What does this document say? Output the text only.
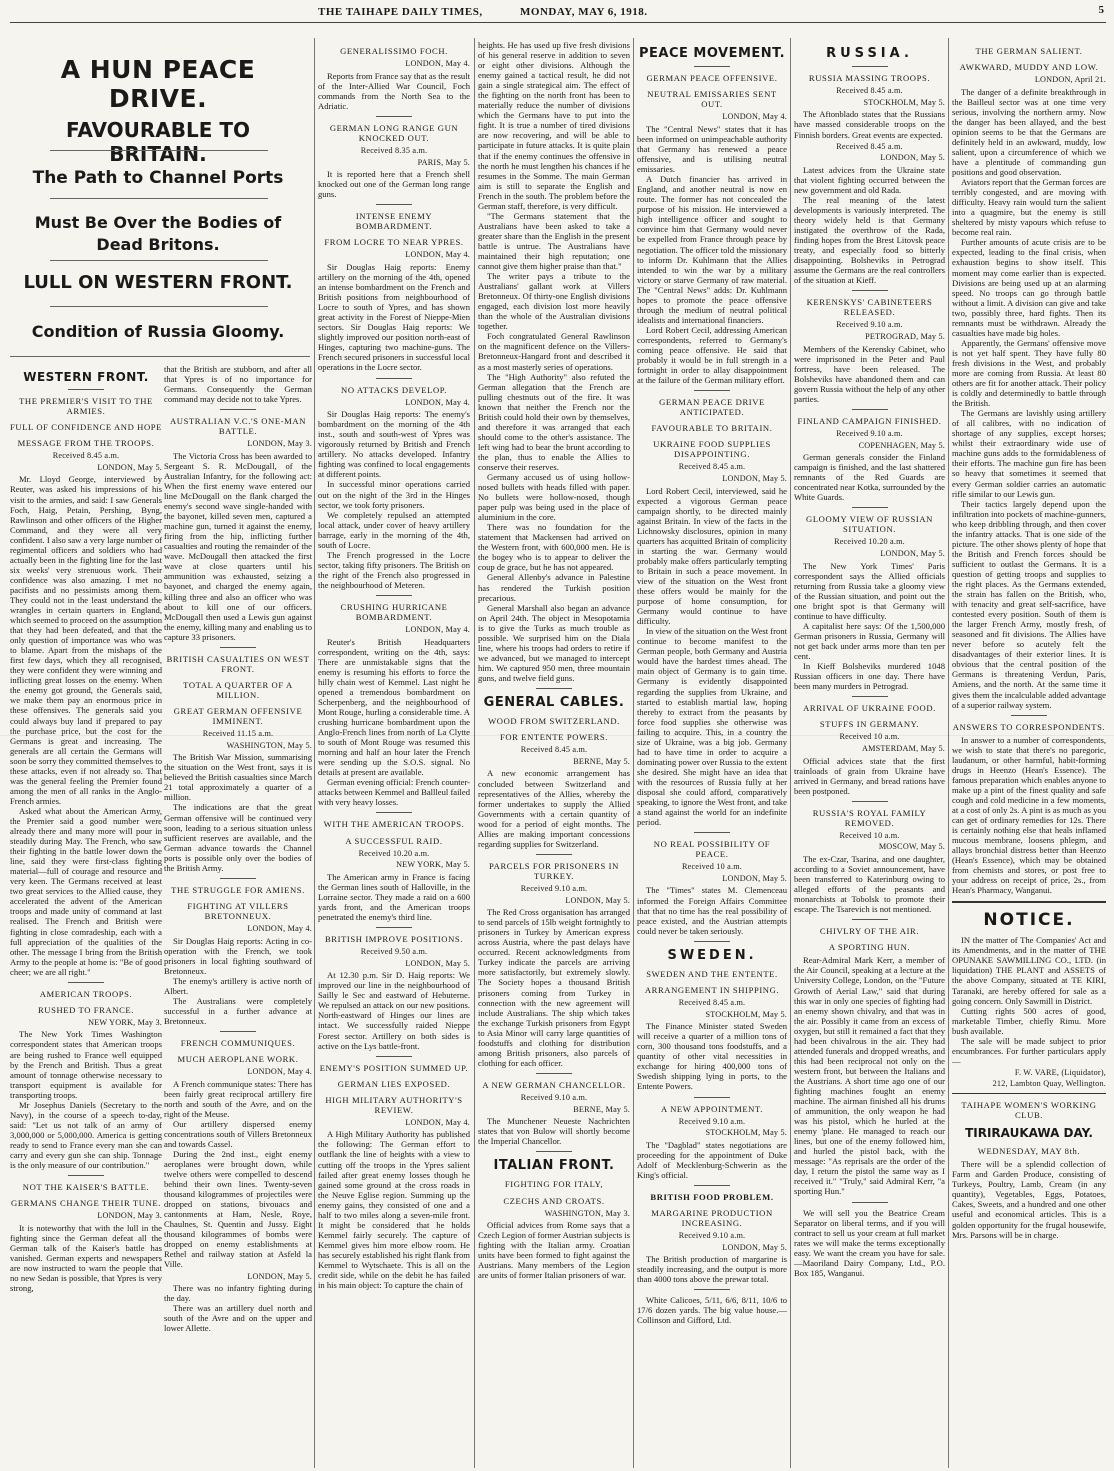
THE TAIHAPE DAILY TIMES,	MONDAY, MAY 6, 1918.	5
A HUN PEACE DRIVE.
FAVOURABLE TO BRITAIN.
The Path to Channel Ports
Must Be Over the Bodies of Dead Britons.
LULL ON WESTERN FRONT.
Condition of Russia Gloomy.
WESTERN FRONT.
THE PREMIER'S VISIT TO THE ARMIES.
FULL OF CONFIDENCE AND HOPE
MESSAGE FROM THE TROOPS.
Received 8.45 a.m.
LONDON, May 5.

Mr. Lloyd George, interviewed by Reuter, was asked his impressions of his visit to the armies, and said: I saw Generals Foch, Haig, Petain, Pershing, Byng, Rawlinson and other officers of the Higher Command, and they were all very confident. I also saw a very large number of regimental officers and soldiers who had actually been in the fighting line for the last six weeks' very strenuous work. Their confidence was also amazing. I met no pacifists and no pessimists among them. They could not in the least understand the wrangles in certain quarters in England, which seemed to proceed on the assumption that they had been defeated, and that the only question of importance was who was to blame. Apart from the mishaps of the first few days, which they all recognised, they were confident they were winning and inflicting great losses on the enemy. When the enemy got ground, the Generals said, we make them pay an enormous price in these offensives. The generals said you could always buy land if prepared to pay the purchase price, but the cost for the Germans is great and increasing. The generals are all certain the Germans will soon be sorry they committed themselves to these attacks, even if not already so. That was the general feeling the Premier found among the men of all ranks in the Anglo-French armies.

Asked what about the American Army, the Premier said a good number were already there and many more will pour in steadily during May. The French, who saw their fighting in the battle lower down the line, said they were first-class fighting material—full of courage and resource and very keen. The Germans received at least two great services to the Allied cause, they accelerated the advent of the American troops and made unity of command at last realised. The French and British were fighting in close comradeship, each with a full appreciation of the qualities of the other. The message I bring from the British Army to the people at home is: "Be of good cheer; we are all right."

AMERICAN TROOPS.
RUSHED TO FRANCE.
NEW YORK, May 3.

The New York Times Washington correspondent states that American troops are being rushed to France well equipped by the French and British. Thus a great amount of tonnage otherwise necessary to transport equipment is available for transporting troops.

Mr Josephus Daniels (Secretary to the Navy), in the course of a speech to-day, said: "Let us not talk of an army of 3,000,000 or 5,000,000. America is getting ready to send to France every man she can carry and every gun she can ship. Tonnage is the only measure of our contribution."

NOT THE KAISER'S BATTLE.
GERMANS CHANGE THEIR TUNE.
LONDON, May 3.

It is noteworthy that with the lull in the fighting since the German defeat all the German talk of the Kaiser's battle has vanished. German experts and newspapers are now instructed to warn the people that no new Sedan is possible, that Ypres is very strong,

that the British are stubborn, and after all that Ypres is of no importance for Germans. Consequently the German command may decide not to take Ypres.

AUSTRALIAN V.C.'S ONE-MAN BATTLE.
LONDON, May 3.

The Victoria Cross has been awarded to Sergeant S. R. McDougall, of the Australian Infantry, for the following act: When the first enemy wave entered our line McDougall on the flank charged the enemy's second wave single-handed with the bayonet, killed seven men, captured a machine gun, turned it against the enemy, firing from the hip, inflicting further casualties and routing the remainder of the wave. McDougall then attacked the first wave at close quarters until his ammunition was exhausted, seizing a bayonet, and charged the enemy again, killing three and also an officer who was about to kill one of our officers. McDougall then used a Lewis gun against the enemy, killing many and enabling us to capture 33 prisoners.

BRITISH CASUALTIES ON WEST FRONT.
TOTAL A QUARTER OF A MILLION.
GREAT GERMAN OFFENSIVE IMMINENT.
Received 11.15 a.m.
WASHINGTON, May 5.

The British War Mission, summarising the situation on the West front, says it is believed the British casualties since March 21 total approximately a quarter of a million.

The indications are that the great German offensive will be continued very soon, leading to a serious situation unless sufficient reserves are available, and the German advance towards the Channel ports is possible only over the bodies of the British Army.

THE STRUGGLE FOR AMIENS.
FIGHTING AT VILLERS BRETONNEUX.
LONDON, May 4.

Sir Douglas Haig reports: Acting in co-operation with the French, we took prisoners in local fighting southward of Bretonneux.

The enemy's artillery is active north of Albert.

The Australians were completely successful in a further advance at Bretonneux.

FRENCH COMMUNIQUES.
MUCH AEROPLANE WORK.
LONDON, May 4.

A French communique states: There has been fairly great reciprocal artillery fire north and south of the Avre, and on the right of the Meuse.

Our artillery dispersed enemy concentrations south of Villers Bretonneux and towards Cassel.

During the 2nd inst., eight enemy aeroplanes were brought down, while twelve others were compelled to descend behind their own lines. Twenty-seven thousand kilogrammes of projectiles were dropped on stations, bivouacs and cantonments at Ham, Nesle, Roye, Chaulnes, St. Quentin and Jussy. Eight thousand kilogrammes of bombs were dropped on enemy establishments at Rethel and railway station at Asfeld la Ville.

LONDON, May 5.

There was no infantry fighting during the day.

There was an artillery duel north and south of the Avre and on the upper and lower Allette.

GENERALISSIMO FOCH.
LONDON, May 4.

Reports from France say that as the result of the Inter-Allied War Council, Foch commands from the North Sea to the Adriatic.

GERMAN LONG RANGE GUN KNOCKED OUT.
Received 8.35 a.m.
PARIS, May 5.

It is reported here that a French shell knocked out one of the German long range guns.

INTENSE ENEMY BOMBARDMENT.
FROM LOCRE TO NEAR YPRES.
LONDON, May 4.

Sir Douglas Haig reports: Enemy artillery on the morning of the 4th, opened an intense bombardment on the French and British positions from neighbourhood of Locre to south of Ypres, and has shown great activity in the Forest of Nieppe-Mien sectors. Sir Douglas Haig reports: We slightly improved our position north-east of Hinges, capturing two machine-guns. The French secured prisoners in successful local operations in the Locre sector.

NO ATTACKS DEVELOP.
LONDON, May 4.

Sir Douglas Haig reports: The enemy's bombardment on the morning of the 4th inst., south and south-west of Ypres was vigorously returned by British and French artillery. No attacks developed. Infantry fighting was confined to local engagements at different points.

In successful minor operations carried out on the night of the 3rd in the Hinges sector, we took forty prisoners.

We completely repulsed an attempted local attack, under cover of heavy artillery barrage, early in the morning of the 4th, south of Locre.

The French progressed in the Locre sector, taking fifty prisoners. The British on the right of the French also progressed in the neighbourhood of Meteren.

CRUSHING HURRICANE BOMBARDMENT.
LONDON, May 4.

Reuter's British Headquarters correspondent, writing on the 4th, says: There are unmistakable signs that the enemy is resuming his efforts to force the hilly chain west of Kemmel. Last night he opened a tremendous bombardment on Scherpenberg, and the neighbourhood of Mont Rouge, hurling a considerable time. A crushing hurricane bombardment upon the Anglo-French lines from north of La Clytte to south of Mont Rouge was resumed this morning and half an hour later the French were sending up the S.O.S. signal. No details at present are available.

German evening official: French counter-attacks between Kemmel and Ballleul failed with very heavy losses.

WITH THE AMERICAN TROOPS.
A SUCCESSFUL RAID.
Received 10.20 a.m.
NEW YORK, May 5.

The American army in France is facing the German lines south of Halloville, in the Lorraine sector. They made a raid on a 600 yards front, and the American troops penetrated the enemy's third line.

BRITISH IMPROVE POSITIONS.
Received 9.50 a.m.
LONDON, May 5.

At 12.30 p.m. Sir D. Haig reports: We improved our line in the neighbourhood of Sailly le Sec and eastward of Hebuterne. We repulsed an attack on our new positions. North-eastward of Hinges our lines are intact. We successfully raided Nieppe Forest sector. Artillery on both sides is active on the Lys battle-front.

ENEMY'S POSITION SUMMED UP.
GERMAN LIES EXPOSED.
HIGH MILITARY AUTHORITY'S REVIEW.
LONDON, May 4.

A High Military Authority has published the following: The German effort to outflank the line of heights with a view to cutting off the troops in the Ypres salient failed after great enemy losses though he gained some ground at the cross roads in the Neuve Eglise region. Summing up the enemy gains, they consisted of one and a half to two miles along a seven-mile front. It might be considered that he holds Kemmel fairly securely. The capture of Kemmel gives him more elbow room. He has securely established his right flank from Kemmel to Wytschaete. This is all on the credit side, while on the debit he has failed in his main object: To capture the chain of

heights. He has used up five fresh divisions of his general reserve in addition to seven or eight other divisions. Although the enemy gained a tactical result, he did not gain a single strategical aim. The effect of the fighting on the north front has been to materially reduce the number of divisions which the Germans have to put into the fight. It is true a number of tired divisions are now recovering, and will be able to participate in future attacks. It is quite plain that if the enemy continues the offensive in the north he must lengthen his chances if he resumes in the Somme. The main German aim is still to separate the English and French in the south. The problem before the German staff, therefore, is very difficult.

"The Germans statement that the Australians have been asked to take a greater share than the English in the present battle is untrue. The Australians have maintained their high reputation; one cannot give them higher praise than that."

The writer pays a tribute to the Australians' gallant work at Villers Bretonneux. Of thirty-one English divisions engaged, each division lost more heavily than the whole of the Australian divisions together.

Foch congratulated General Rawlinson on the magnificent defence on the Villers-Bretonneux-Hangard front and described it as a most masterly series of operations.

The "High Authority" also refuted the German allegation that the French are pulling chestnuts out of the fire. It was known that neither the French nor the British could hold their own by themselves, and therefore it was arranged that each should come to the other's assistance. The left wing had to bear the brunt according to the plan, thus to enable the Allies to conserve their reserves.

Germany accused us of using hollow-nosed bullets with heads filled with paper. No bullets were hollow-nosed, though paper pulp was being used in the place of aluminium in the core.

There was no foundation for the statement that Mackensen had arrived on the Western front, with 600,000 men. He is the bogey who is to appear to deliver the coup de grace, but he has not appeared.

General Allenby's advance in Palestine has rendered the Turkish position precarious.

General Marshall also began an advance on April 24th. The object in Mesopotamia is to give the Turks as much trouble as possible. We surprised him on the Diala line, where his troops had orders to retire if we advanced, but we managed to intercept him. We captured 950 men, three mountain guns, and twelve field guns.

GENERAL CABLES.
WOOD FROM SWITZERLAND.
FOR ENTENTE POWERS.
Received 8.45 a.m.
BERNE, May 5.

A new economic arrangement has concluded between Switzerland and representatives of the Allies, whereby the former undertakes to supply the Allied Governments with a certain quantity of wood for a period of eight months. The Allies are making important concessions regarding supplies for Switzerland.

PARCELS FOR PRISONERS IN TURKEY.
Received 9.10 a.m.
LONDON, May 5.

The Red Cross organisation has arranged to send parcels of 15lb weight fortnightly to prisoners in Turkey by American express across Austria, where the past delays have occurred. Recent acknowledgments from Turkey indicate the parcels are arriving more satisfactorily, but extremely slowly. The Society hopes a thousand British prisoners coming from Turkey in connection with the new agreement will include Australians. The ship which takes the exchange Turkish prisoners from Egypt to Asia Minor will carry large quantities of foodstuffs and clothing for distribution among British prisoners, also parcels of clothing for each officer.

A NEW GERMAN CHANCELLOR.
Received 9.10 a.m.
BERNE, May 5.

The Munchener Neueste Nachrichten states that von Bulow will shortly become the Imperial Chancellor.

ITALIAN FRONT.
FIGHTING FOR ITALY,
CZECHS AND CROATS.
WASHINGTON, May 3.

Official advices from Rome says that a Czech Legion of former Austrian subjects is fighting with the Italian army. Croatian units have been formed to fight against the Austrians. Many members of the Legion are units of former Italian prisoners of war.

PEACE MOVEMENT.
GERMAN PEACE OFFENSIVE.
NEUTRAL EMISSARIES SENT OUT.
LONDON, May 4.

The "Central News" states that it has been informed on unimpeachable authority that Germany has renewed a peace offensive, and is utilising neutral emissaries.

A Dutch financier has arrived in England, and another neutral is now en route. The former has not concealed the purpose of his mission. He interviewed a high intelligence officer and sought to convince him that Germany would never be expelled from France through peace by negotiation. The officer told the missionary to inform Dr. Kuhlmann that the Allies intended to win the war by a military victory or starve Germany of raw material. The "Central News" adds: Dr. Kuhlmann hopes to promote the peace offensive through the medium of neutral political idealists and international financiers.

Lord Robert Cecil, addressing American correspondents, referred to Germany's coming peace offensive. He said that probably it would be in full strength in a fortnight in order to allay disappointment at the failure of the German military effort.

GERMAN PEACE DRIVE ANTICIPATED.
FAVOURABLE TO BRITAIN.
UKRAINE FOOD SUPPLIES DISAPPOINTING.
Received 8.45 a.m.
LONDON, May 5.

Lord Robert Cecil, interviewed, said he expected a vigorous German peace campaign shortly, to be directed mainly against Britain. In view of the facts in the Lichnowsky disclosures, opinion in many quarters has acquitted Britain of complicity in starting the war. Germany would probably make offers particularly tempting to Britain in such a peace movement. In view of the situation on the West front these offers would be mainly for the purpose of home consumption, for Germany would continue to have difficulty.

In view of the situation on the West front continue to become manifest to the German people, both Germany and Austria would have the hardest times ahead. The main object of Germany is to gain time. Germany is evidently disappointed regarding the supplies from Ukraine, and started to establish martial law, hoping thereby to extract from the peasants by force food supplies she otherwise was failing to acquire. This, in a country the size of Ukraine, was a big job. Germany had to have time in order to acquire a dominating power over Russia to the extent she desired. She might have an idea that with the resources of Russia fully at her disposal she could afford, comparatively speaking, to ignore the West front, and take a stand against the world for an indefinite period.

NO REAL POSSIBILITY OF PEACE.
Received 10 a.m.
LONDON, May 5.

The "Times" states M. Clemenceau informed the Foreign Affairs Committee that that no time has the real possibility of peace existed, and the Austrian attempts could never be taken seriously.

SWEDEN.
SWEDEN AND THE ENTENTE.
ARRANGEMENT IN SHIPPING.
Received 8.45 a.m.
STOCKHOLM, May 5.

The Finance Minister stated Sweden will receive a quarter of a million tons of corn, 300 thousand tons foodstuffs, and a quantity of other vital necessities in exchange for hiring 400,000 tons of Swedish shipping lying in ports, to the Entente Powers.

A NEW APPOINTMENT.
Received 9.10 a.m.
STOCKHOLM, May 5.

The "Dagblad" states negotiations are proceeding for the appointment of Duke Adolf of Mecklenburg-Schwerin as the King's official.

BRITISH FOOD PROBLEM.
MARGARINE PRODUCTION INCREASING.
Received 9.10 a.m.
LONDON, May 5.

The British production of margarine is steadily increasing, and the output is more than 4000 tons above the prewar total.

White Calicoes, 5/11, 6/6, 8/11, 10/6 to 17/6 dozen yards. The big value house.—Collinson and Gifford, Ltd.

RUSSIA.
RUSSIA MASSING TROOPS.
Received 8.45 a.m.
STOCKHOLM, May 5.

The Aftonblado states that the Russians have massed considerable troops on the Finnish borders. Great events are expected.

Received 8.45 a.m.
LONDON, May 5.

Latest advices from the Ukraine state that violent fighting occurred between the new government and old Rada.

The real meaning of the latest developments is variously interpreted. The theory widely held is that Germany instigated the overthrow of the Rada, finding hopes from the Brest Litovsk peace treaty, and especially food so bitterly disappointing. Bolsheviks in Petrograd assume the Germans are the real controllers of the situation at Kieff.

KERENSKYS' CABINETEERS RELEASED.
Received 9.10 a.m.
PETROGRAD, May 5.

Members of the Kerensky Cabinet, who were imprisoned in the Peter and Paul fortress, have been released. The Bolsheviks have abandoned them and can govern Russia without the help of any other parties.

FINLAND CAMPAIGN FINISHED.
Received 9.10 a.m.
COPENHAGEN, May 5.

German generals consider the Finland campaign is finished, and the last shattered remnants of the Red Guards are concentrated near Kotka, surrounded by the White Guards.

GLOOMY VIEW OF RUSSIAN SITUATION.
Received 10.20 a.m.
LONDON, May 5.

The New York Times' Paris correspondent says the Allied officials returning from Russia take a gloomy view of the Russian situation, and point out the one bright spot is that Germany will continue to have difficulty.

A capitalist here says: Of the 1,500,000 German prisoners in Russia, Germany will not get back under arms more than ten per cent.

In Kieff Bolsheviks murdered 1048 Russian officers in one day. There have been many murders in Petrograd.

ARRIVAL OF UKRAINE FOOD.
STUFFS IN GERMANY.
Received 10 a.m.
AMSTERDAM, May 5.

Official advices state that the first trainloads of grain from Ukraine have arrived in Germany, and bread rations have been postponed.

RUSSIA'S ROYAL FAMILY REMOVED.
Received 10 a.m.
MOSCOW, May 5.

The ex-Czar, Tsarina, and one daughter, according to a Soviet announcement, have been transferred to Katerinburg owing to alleged efforts of the peasants and monarchists at Tobolsk to promote their escape. The Tsarevich is not mentioned.

CHIVLRY OF THE AIR.
A SPORTING HUN.

Rear-Admiral Mark Kerr, a member of the Air Council, speaking at a lecture at the University College, London, on the "Future Growth of Aerial Law," said that during this war in only one species of fighting had an enemy shown chivalry, and that was in the air. Possibly it came from an excess of oxygen, but still it remained a fact that they had been chivalrous in the air. They had attended funerals and dropped wreaths, and this had been reciprocal not only on the western front, but between the Italians and the Austrians. A short time ago one of our fighting machines fought an enemy machine. The airman finished all his drums of ammunition, the only weapon he had was his pistol, which he hurled at the enemy 'plane. He managed to reach our lines, but one of the enemy followed him, and hurled the pistol back, with the message: "As reprisals are the order of the day, I return the pistol the same way as I received it." "Truly," said Admiral Kerr, "a sporting Hun."

We will sell you the Beatrice Cream Separator on liberal terms, and if you will contract to sell us your cream at full market rates we will make the terms exceptionally easy. We want the cream you have for sale.—Maoriland Dairy Company, Ltd., P.O. Box 185, Wanganui.

THE GERMAN SALIENT.
AWKWARD, MUDDY AND LOW.
LONDON, April 21.

The danger of a definite breakthrough in the Bailleul sector was at one time very serious, involving the northern army. Now the danger has been allayed, and the best opinion seems to be that the Germans are definitely held in an awkward, muddy, low salient, upon a circumference of which we have a plentitude of commanding gun positions and good observation.

Aviators report that the German forces are terribly congested, and are moving with difficulty. Heavy rain would turn the salient into a quagmire, but the enemy is still sheltered by misty vapours which refuse to become real rain.

Further amounts of acute crisis are to be expected, leading to the final crisis, when exhaustion begins to show itself. This moment may come earlier than is expected. Divisions are being used up at an alarming speed. No troops can go through battle without a limit. A division can give and take two, possibly three, hard fights. Then its remnants must be withdrawn. Already the casualties have made big holes.

Apparently, the Germans' offensive move is not yet half spent. They have fully 80 fresh divisions in the West, and probably more are coming from Russia. At least 80 others are fit for another attack. Their policy is coldly and determinedly to battle through the British.

The Germans are lavishly using artillery of all calibres, with no indication of shortage of any supplies, except horses; whilst their extraordinary wide use of machine guns adds to the formidableness of their efforts. The machine gun fire has been so heavy that sometimes it seemed that every German soldier carries an automatic rifle similar to our Lewis gun.

Their tactics largely depend upon the infiltration into pockets of machine-gunners, who keep dribbling through, and then cover the infantry attacks. That is one side of the picture. The other shows plenty of hope that the British and French forces should be sufficient to outlast the Germans. It is a question of getting troops and supplies to the right places. As the Germans extended, the strain has fallen on the British, who, with tenacity and great self-sacrifice, have contested every position. South of them is the larger French Army, mostly fresh, of seasoned and fit divisions. The Allies have never before so acutely felt the disadvantages of their exterior lines. It is obvious that the central position of the Germans is threatening Verdun, Paris, Amiens, and the north. At the same time it gives them the incalculable added advantage of a superior railway system.

ANSWERS TO CORRESPONDENTS.

In answer to a number of correspondents, we wish to state that there's no paregoric, laudanum, or other harmful, habit-forming drugs in Heenzo (Hean's Essence). The famous preparation which enables anyone to make up a pint of the finest quality and safe cough and cold medicine in a few moments, at a cost of only 2s. A pint is as much as you can get of ordinary remedies for 12s. There is certainly nothing else that heals inflamed mucous membrane, loosens phlegm, and allays bronchial distress better than Heenzo (Hean's Essence), which may be obtained from chemists and stores, or post free to your address on receipt of price, 2s., from Hean's Pharmacy, Wanganui.

NOTICE.

IN the matter of The Companies' Act and its Amendments, and in the matter of THE OPUNAKE SAWMILLING CO., LTD. (in liquidation) THE PLANT and ASSETS of the above Company, situated at TE KIRI, Taranaki, are hereby offered for sale as a going concern. Only Sawmill in District.

Cutting rights 500 acres of good, marketable Timber, chiefly Rimu. More bush available.

The sale will be made subject to prior encumbrances. For further particulars apply—

F. W. VARE, (Liquidator),
212, Lambton Quay, Wellington.
TAIHAPE WOMEN'S WORKING CLUB.
TIRIRAUKAWA DAY.
WEDNESDAY, MAY 8th.

There will be a splendid collection of Farm and Garden Produce, consisting of Turkeys, Poultry, Lamb, Cream (in any quantity), Vegetables, Eggs, Potatoes, Cakes, Sweets, and a hundred and one other useful and economical articles. This is a golden opportunity for the frugal housewife, Mrs. Parsons will be in charge.
